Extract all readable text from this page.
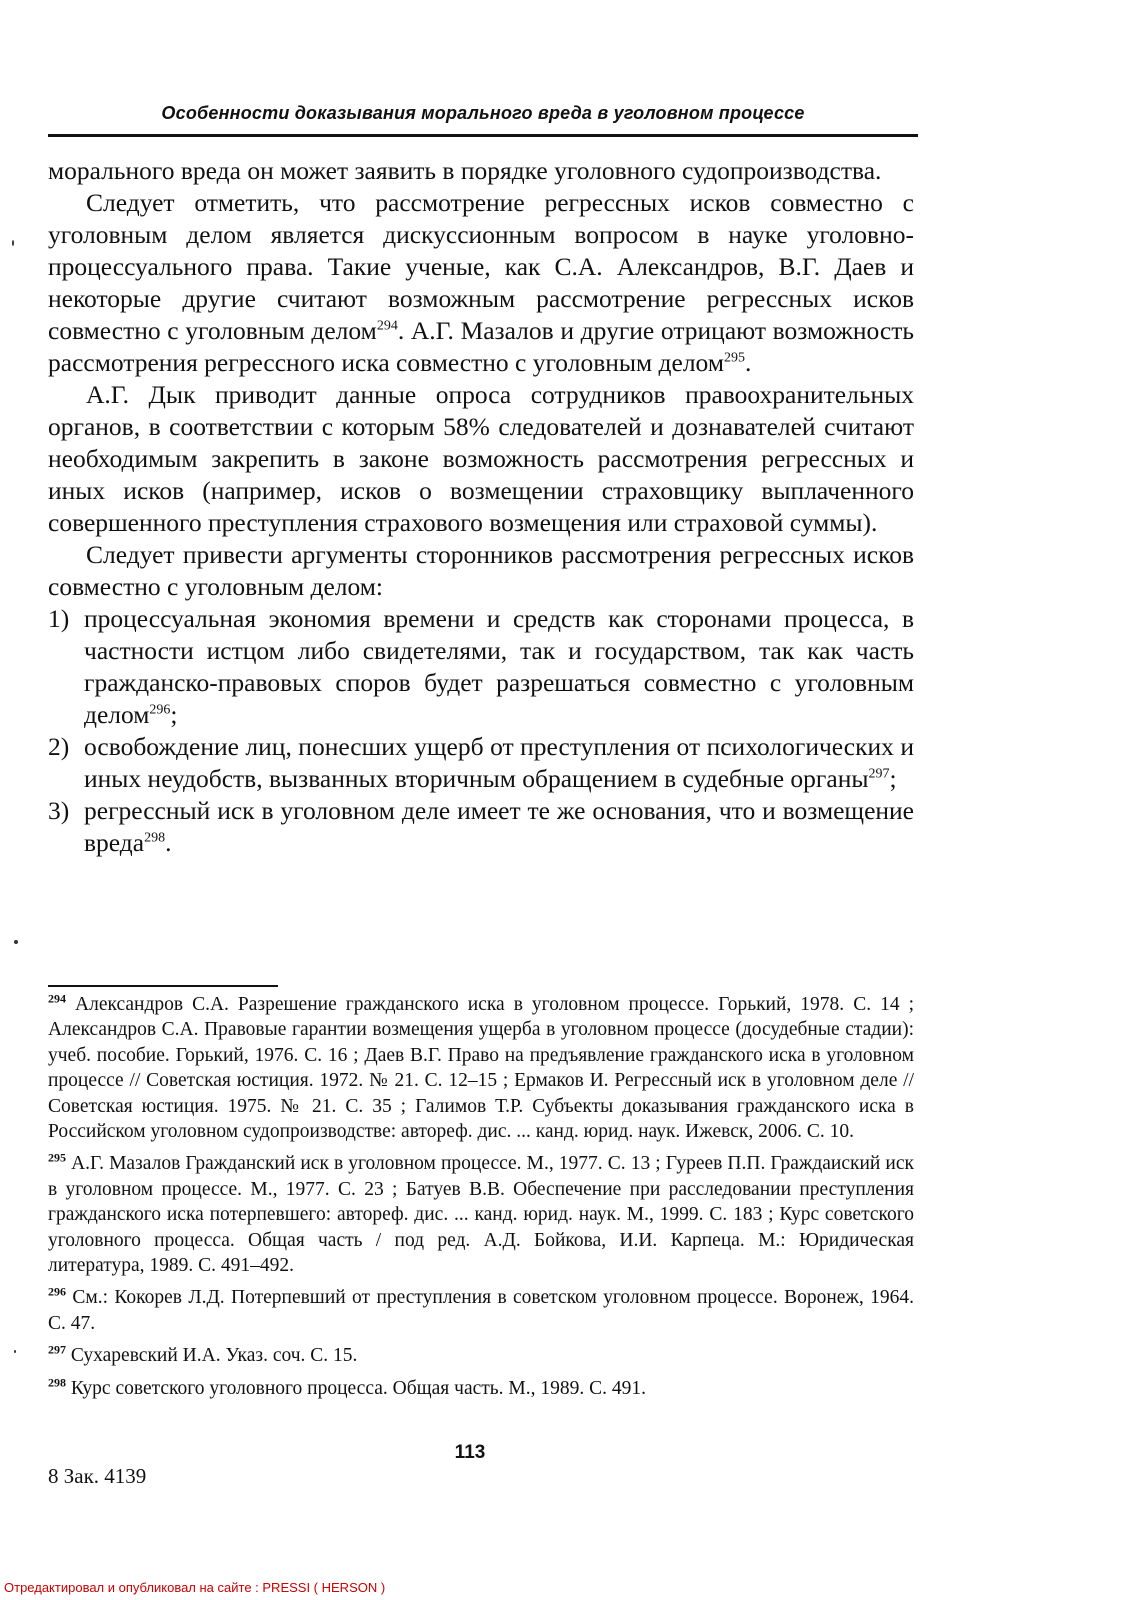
Особенности доказывания морального вреда в уголовном процессе

морального вреда он может заявить в порядке уголовного судопроизводства.

Следует отметить, что рассмотрение регрессных исков совместно с уголовным делом является дискуссионным вопросом в науке уголовно-процессуального права. Такие ученые, как С.А. Александров, В.Г. Даев и некоторые другие считают возможным рассмотрение регрессных исков совместно с уголовным делом$^{294}$. А.Г. Мазалов и другие отрицают возможность рассмотрения регрессного иска совместно с уголовным делом$^{295}$.

А.Г. Дык приводит данные опроса сотрудников правоохранительных органов, в соответствии с которым 58% следователей и дознавателей считают необходимым закрепить в законе возможность рассмотрения регрессных и иных исков (например, исков о возмещении страховщику выплаченного совершенного преступления страхового возмещения или страховой суммы).

Следует привести аргументы сторонников рассмотрения регрессных исков совместно с уголовным делом:

1) процессуальная экономия времени и средств как сторонами процесса, в частности истцом либо свидетелями, так и государством, так как часть гражданско-правовых споров будет разрешаться совместно с уголовным делом$^{296}$;

2) освобождение лиц, понесших ущерб от преступления от психологических и иных неудобств, вызванных вторичным обращением в судебные органы$^{297}$;

3) регрессный иск в уголовном деле имеет те же основания, что и возмещение вреда$^{298}$.

$^{294}$ Александров С.А. Разрешение гражданского иска в уголовном процессе. Горький, 1978. С. 14 ; Александров С.А. Правовые гарантии возмещения ущерба в уголовном процессе (досудебные стадии): учеб. пособие. Горький, 1976. С. 16 ; Даев В.Г. Право на предъявление гражданского иска в уголовном процессе // Советская юстиция. 1972. № 21. С. 12–15 ; Ермаков И. Регрессный иск в уголовном деле // Советская юстиция. 1975. № 21. С. 35 ; Галимов Т.Р. Субъекты доказывания гражданского иска в Российском уголовном судопроизводстве: автореф. дис. ... канд. юрид. наук. Ижевск, 2006. С. 10.

$^{295}$ А.Г. Мазалов Гражданский иск в уголовном процессе. М., 1977. С. 13 ; Гуреев П.П. Граждаиский иск в уголовном процессе. М., 1977. С. 23 ; Батуев В.В. Обеспечение при расследовании преступления гражданского иска потерпевшего: автореф. дис. ... канд. юрид. наук. М., 1999. С. 183 ; Курс советского уголовного процесса. Общая часть / под ред. А.Д. Бойкова, И.И. Карпеца. М.: Юридическая литература, 1989. С. 491–492.

$^{296}$ См.: Кокорев Л.Д. Потерпевший от преступления в советском уголовном процессе. Воронеж, 1964. С. 47.

$^{297}$ Сухаревский И.А. Указ. соч. С. 15.

$^{298}$ Курс советского уголовного процесса. Общая часть. М., 1989. С. 491.

113
8 Зак. 4139
Отредактировал и опубликовал на сайте : PRESSI ( HERSON )
